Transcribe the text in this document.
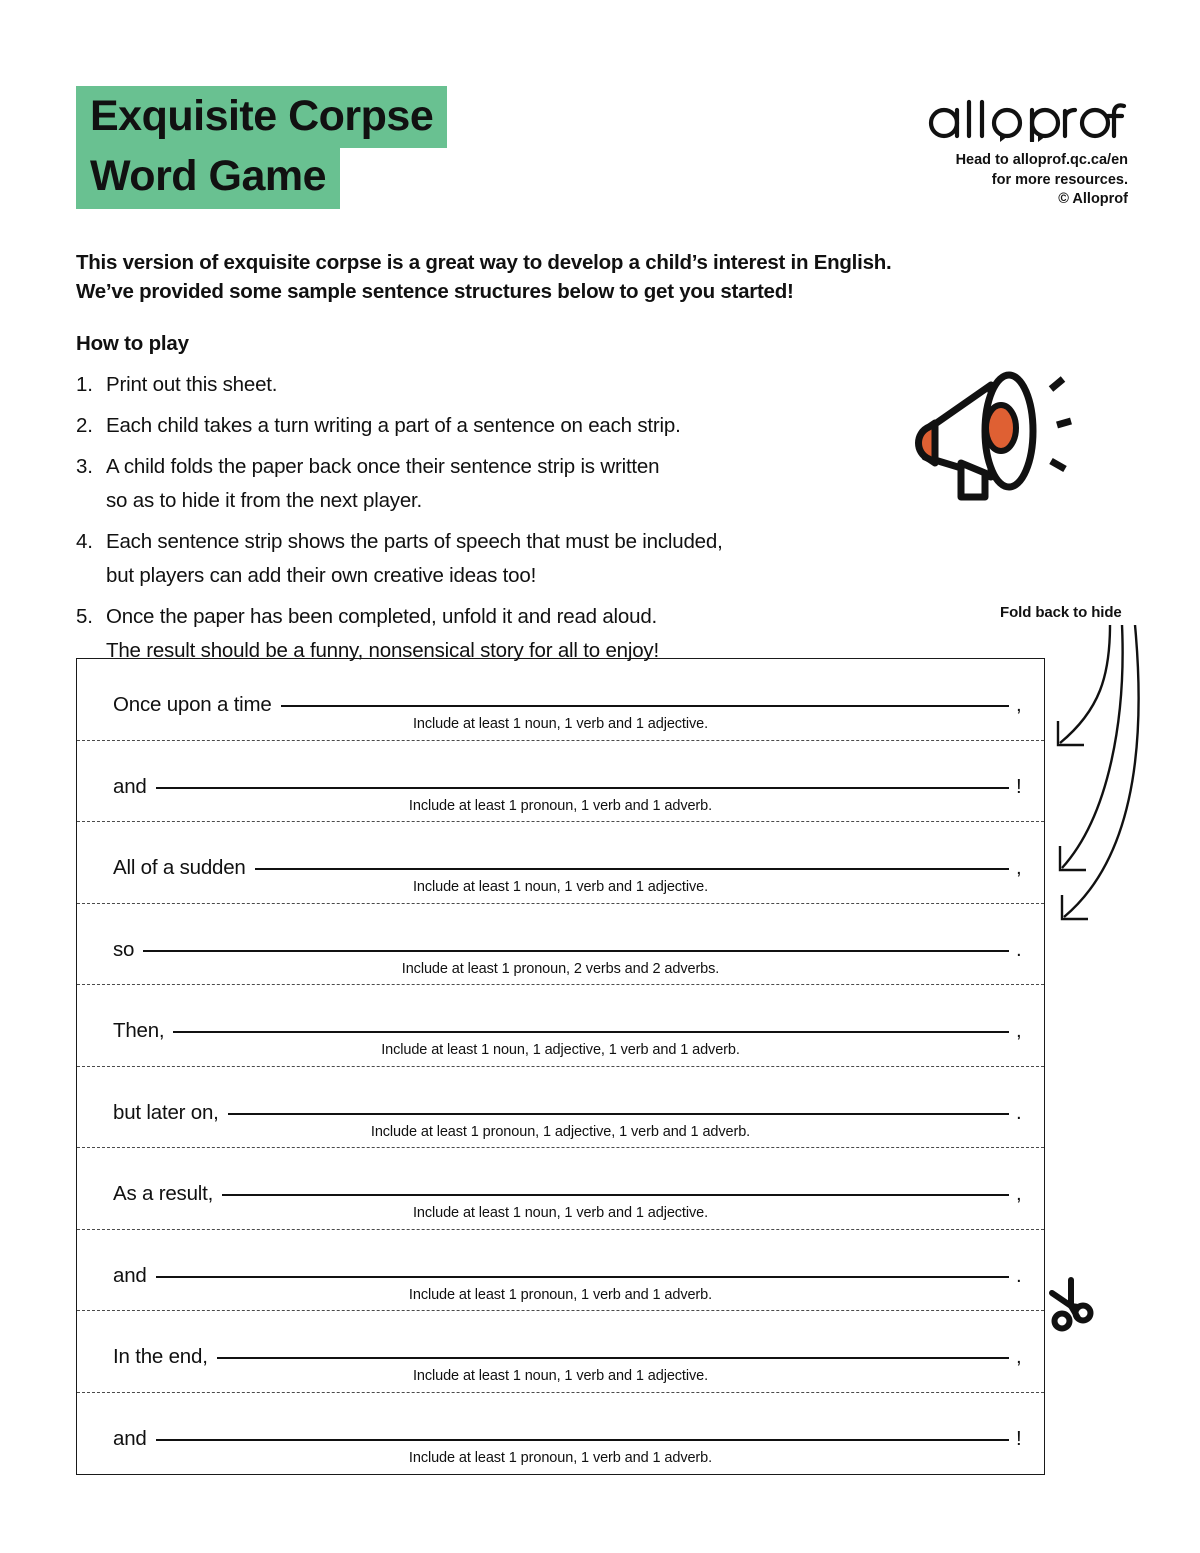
Exquisite Corpse
Word Game	Head to alloprof.qc.ca/en
for more resources.
© Alloprof
This version of exquisite corpse is a great way to develop a child’s interest in English.
We’ve provided some sample sentence structures below to get you started!
How to play
1. Print out this sheet.
2. Each child takes a turn writing a part of a sentence on each strip.
3. A child folds the paper back once their sentence strip is written
so as to hide it from the next player.
4. Each sentence strip shows the parts of speech that must be included,
but players can add their own creative ideas too!
5. Once the paper has been completed, unfold it and read aloud.
The result should be a funny, nonsensical story for all to enjoy!
Fold back to hide
Once upon a time	,
Include at least 1 noun, 1 verb and 1 adjective.
and	!
Include at least 1 pronoun, 1 verb and 1 adverb.
All of a sudden	,
Include at least 1 noun, 1 verb and 1 adjective.
so	.
Include at least 1 pronoun, 2 verbs and 2 adverbs.
Then,	,
Include at least 1 noun, 1 adjective, 1 verb and 1 adverb.
but later on,	.
Include at least 1 pronoun, 1 adjective, 1 verb and 1 adverb.
As a result,	,
Include at least 1 noun, 1 verb and 1 adjective.
and	.
Include at least 1 pronoun, 1 verb and 1 adverb.
In the end,	,
Include at least 1 noun, 1 verb and 1 adjective.
and	!
Include at least 1 pronoun, 1 verb and 1 adverb.
